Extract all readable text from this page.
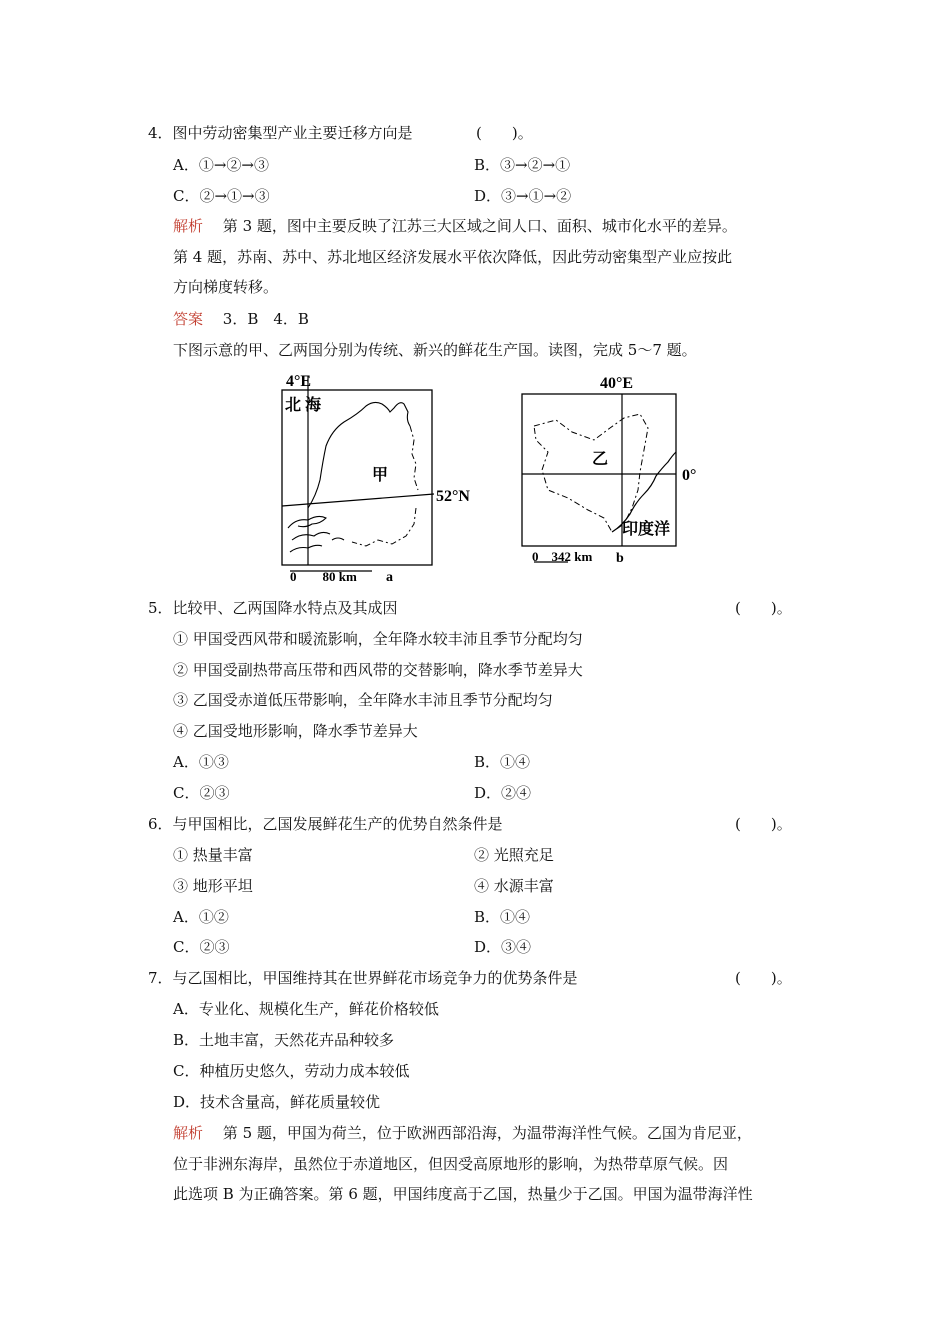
4．图中劳动密集型产业主要迁移方向是	(　　)。
A．①→②→③	B．③→②→①
C．②→①→③	D．③→①→②
解析　 第 3 题，图中主要反映了江苏三大区域之间人口、面积、城市化水平的差异。
第 4 题，苏南、苏中、苏北地区经济发展水平依次降低，因此劳动密集型产业应按此
方向梯度转移。
答案　 3．B　4．B
下图示意的甲、乙两国分别为传统、新兴的鲜花生产国。读图，完成 5～7 题。
4°E
北 海
甲
52°N
0　　80 km a
40°E
乙
0°
印度洋
0　342 km b
5．比较甲、乙两国降水特点及其成因	(　　)。
① 甲国受西风带和暖流影响，全年降水较丰沛且季节分配均匀
② 甲国受副热带高压带和西风带的交替影响，降水季节差异大
③ 乙国受赤道低压带影响，全年降水丰沛且季节分配均匀
④ 乙国受地形影响，降水季节差异大
A．①③	B．①④
C．②③	D．②④
6．与甲国相比，乙国发展鲜花生产的优势自然条件是	(　　)。
① 热量丰富	② 光照充足
③ 地形平坦	④ 水源丰富
A．①②	B．①④
C．②③	D．③④
7．与乙国相比，甲国维持其在世界鲜花市场竞争力的优势条件是	(　　)。
A．专业化、规模化生产，鲜花价格较低
B．土地丰富，天然花卉品种较多
C．种植历史悠久，劳动力成本较低
D．技术含量高，鲜花质量较优
解析　 第 5 题，甲国为荷兰，位于欧洲西部沿海，为温带海洋性气候。乙国为肯尼亚，
位于非洲东海岸，虽然位于赤道地区，但因受高原地形的影响，为热带草原气候。因
此选项 B 为正确答案。第 6 题，甲国纬度高于乙国，热量少于乙国。甲国为温带海洋性
